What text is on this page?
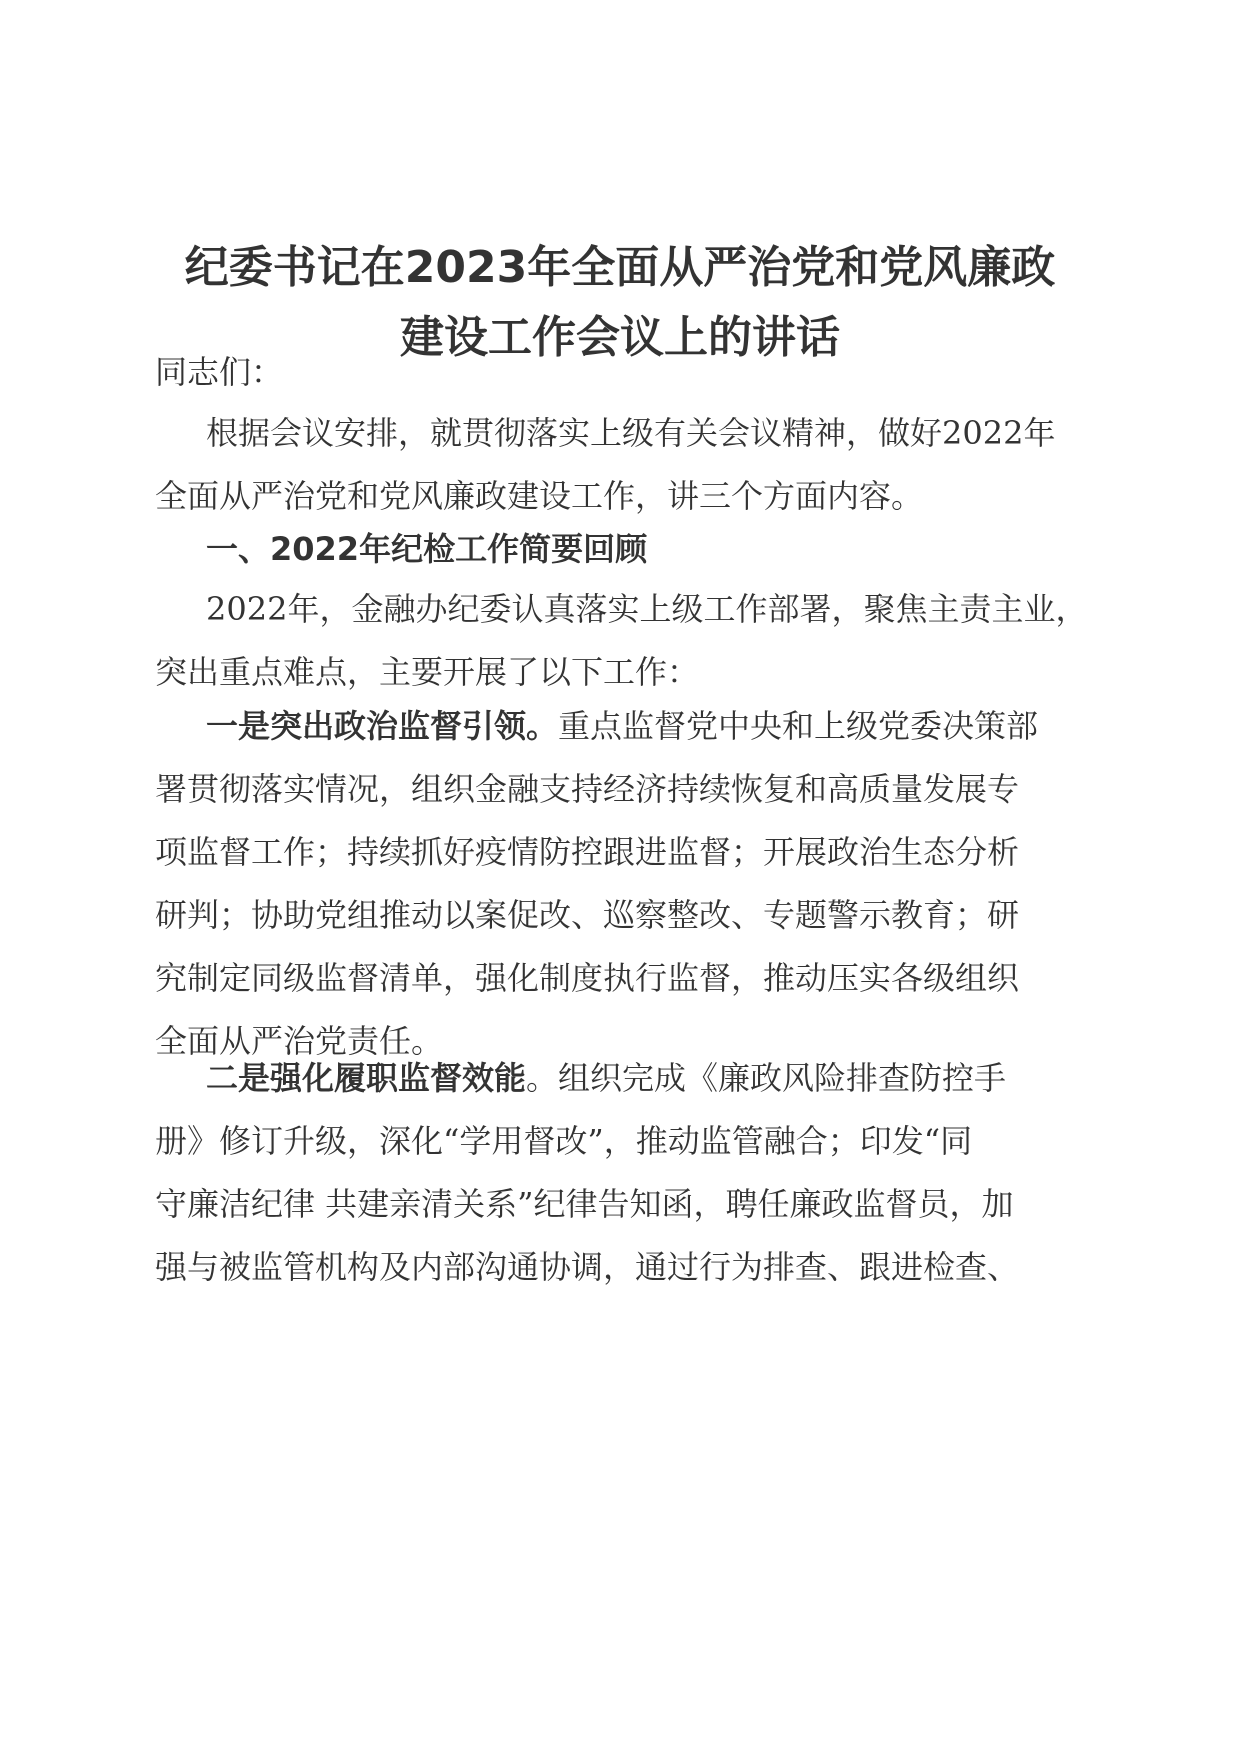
纪委书记在2023年全面从严治党和党风廉政
建设工作会议上的讲话
同志们：
根据会议安排，就贯彻落实上级有关会议精神，做好2022年
全面从严治党和党风廉政建设工作，讲三个方面内容。
一、2022年纪检工作简要回顾
2022年，金融办纪委认真落实上级工作部署，聚焦主责主业，
突出重点难点，主要开展了以下工作：
一是突出政治监督引领。重点监督党中央和上级党委决策部
署贯彻落实情况，组织金融支持经济持续恢复和高质量发展专
项监督工作；持续抓好疫情防控跟进监督；开展政治生态分析
研判；协助党组推动以案促改、巡察整改、专题警示教育；研
究制定同级监督清单，强化制度执行监督，推动压实各级组织
全面从严治党责任。
二是强化履职监督效能。组织完成《廉政风险排查防控手
册》修订升级，深化“学用督改”，推动监管融合；印发“同
守廉洁纪律 共建亲清关系”纪律告知函，聘任廉政监督员，加
强与被监管机构及内部沟通协调，通过行为排查、跟进检查、
